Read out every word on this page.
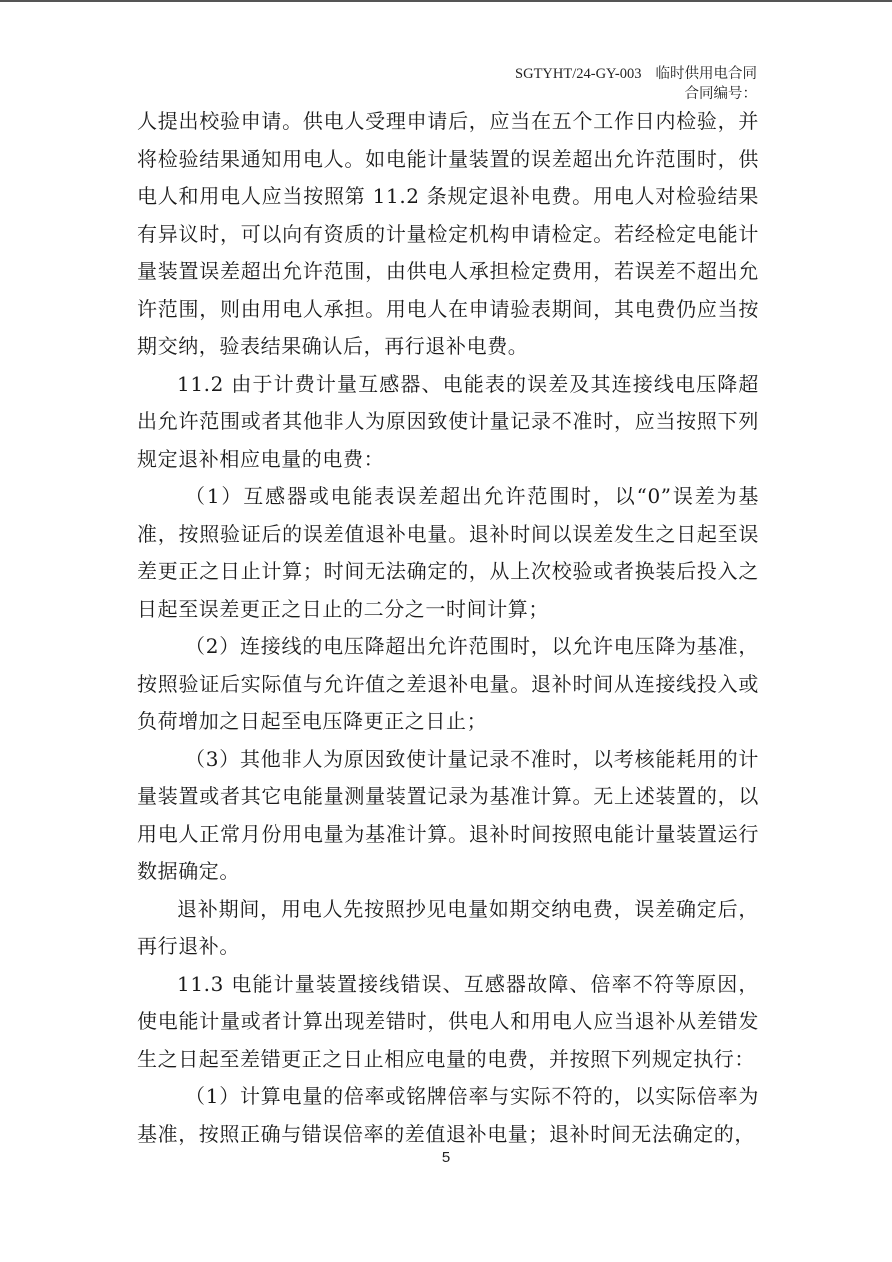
SGTYHT/24-GY-003 临时供用电合同
合同编号：

人提出校验申请。供电人受理申请后，应当在五个工作日内检验，并将检验结果通知用电人。如电能计量装置的误差超出允许范围时，供电人和用电人应当按照第 11.2 条规定退补电费。用电人对检验结果有异议时，可以向有资质的计量检定机构申请检定。若经检定电能计量装置误差超出允许范围，由供电人承担检定费用，若误差不超出允许范围，则由用电人承担。用电人在申请验表期间，其电费仍应当按期交纳，验表结果确认后，再行退补电费。

11.2 由于计费计量互感器、电能表的误差及其连接线电压降超出允许范围或者其他非人为原因致使计量记录不准时，应当按照下列规定退补相应电量的电费：

（1）互感器或电能表误差超出允许范围时，以“0”误差为基准，按照验证后的误差值退补电量。退补时间以误差发生之日起至误差更正之日止计算；时间无法确定的，从上次校验或者换装后投入之日起至误差更正之日止的二分之一时间计算；

（2）连接线的电压降超出允许范围时，以允许电压降为基准，按照验证后实际值与允许值之差退补电量。退补时间从连接线投入或负荷增加之日起至电压降更正之日止；

（3）其他非人为原因致使计量记录不准时，以考核能耗用的计量装置或者其它电能量测量装置记录为基准计算。无上述装置的，以用电人正常月份用电量为基准计算。退补时间按照电能计量装置运行数据确定。

退补期间，用电人先按照抄见电量如期交纳电费，误差确定后，再行退补。

11.3 电能计量装置接线错误、互感器故障、倍率不符等原因，使电能计量或者计算出现差错时，供电人和用电人应当退补从差错发生之日起至差错更正之日止相应电量的电费，并按照下列规定执行：

（1）计算电量的倍率或铭牌倍率与实际不符的，以实际倍率为基准，按照正确与错误倍率的差值退补电量；退补时间无法确定的，

5
